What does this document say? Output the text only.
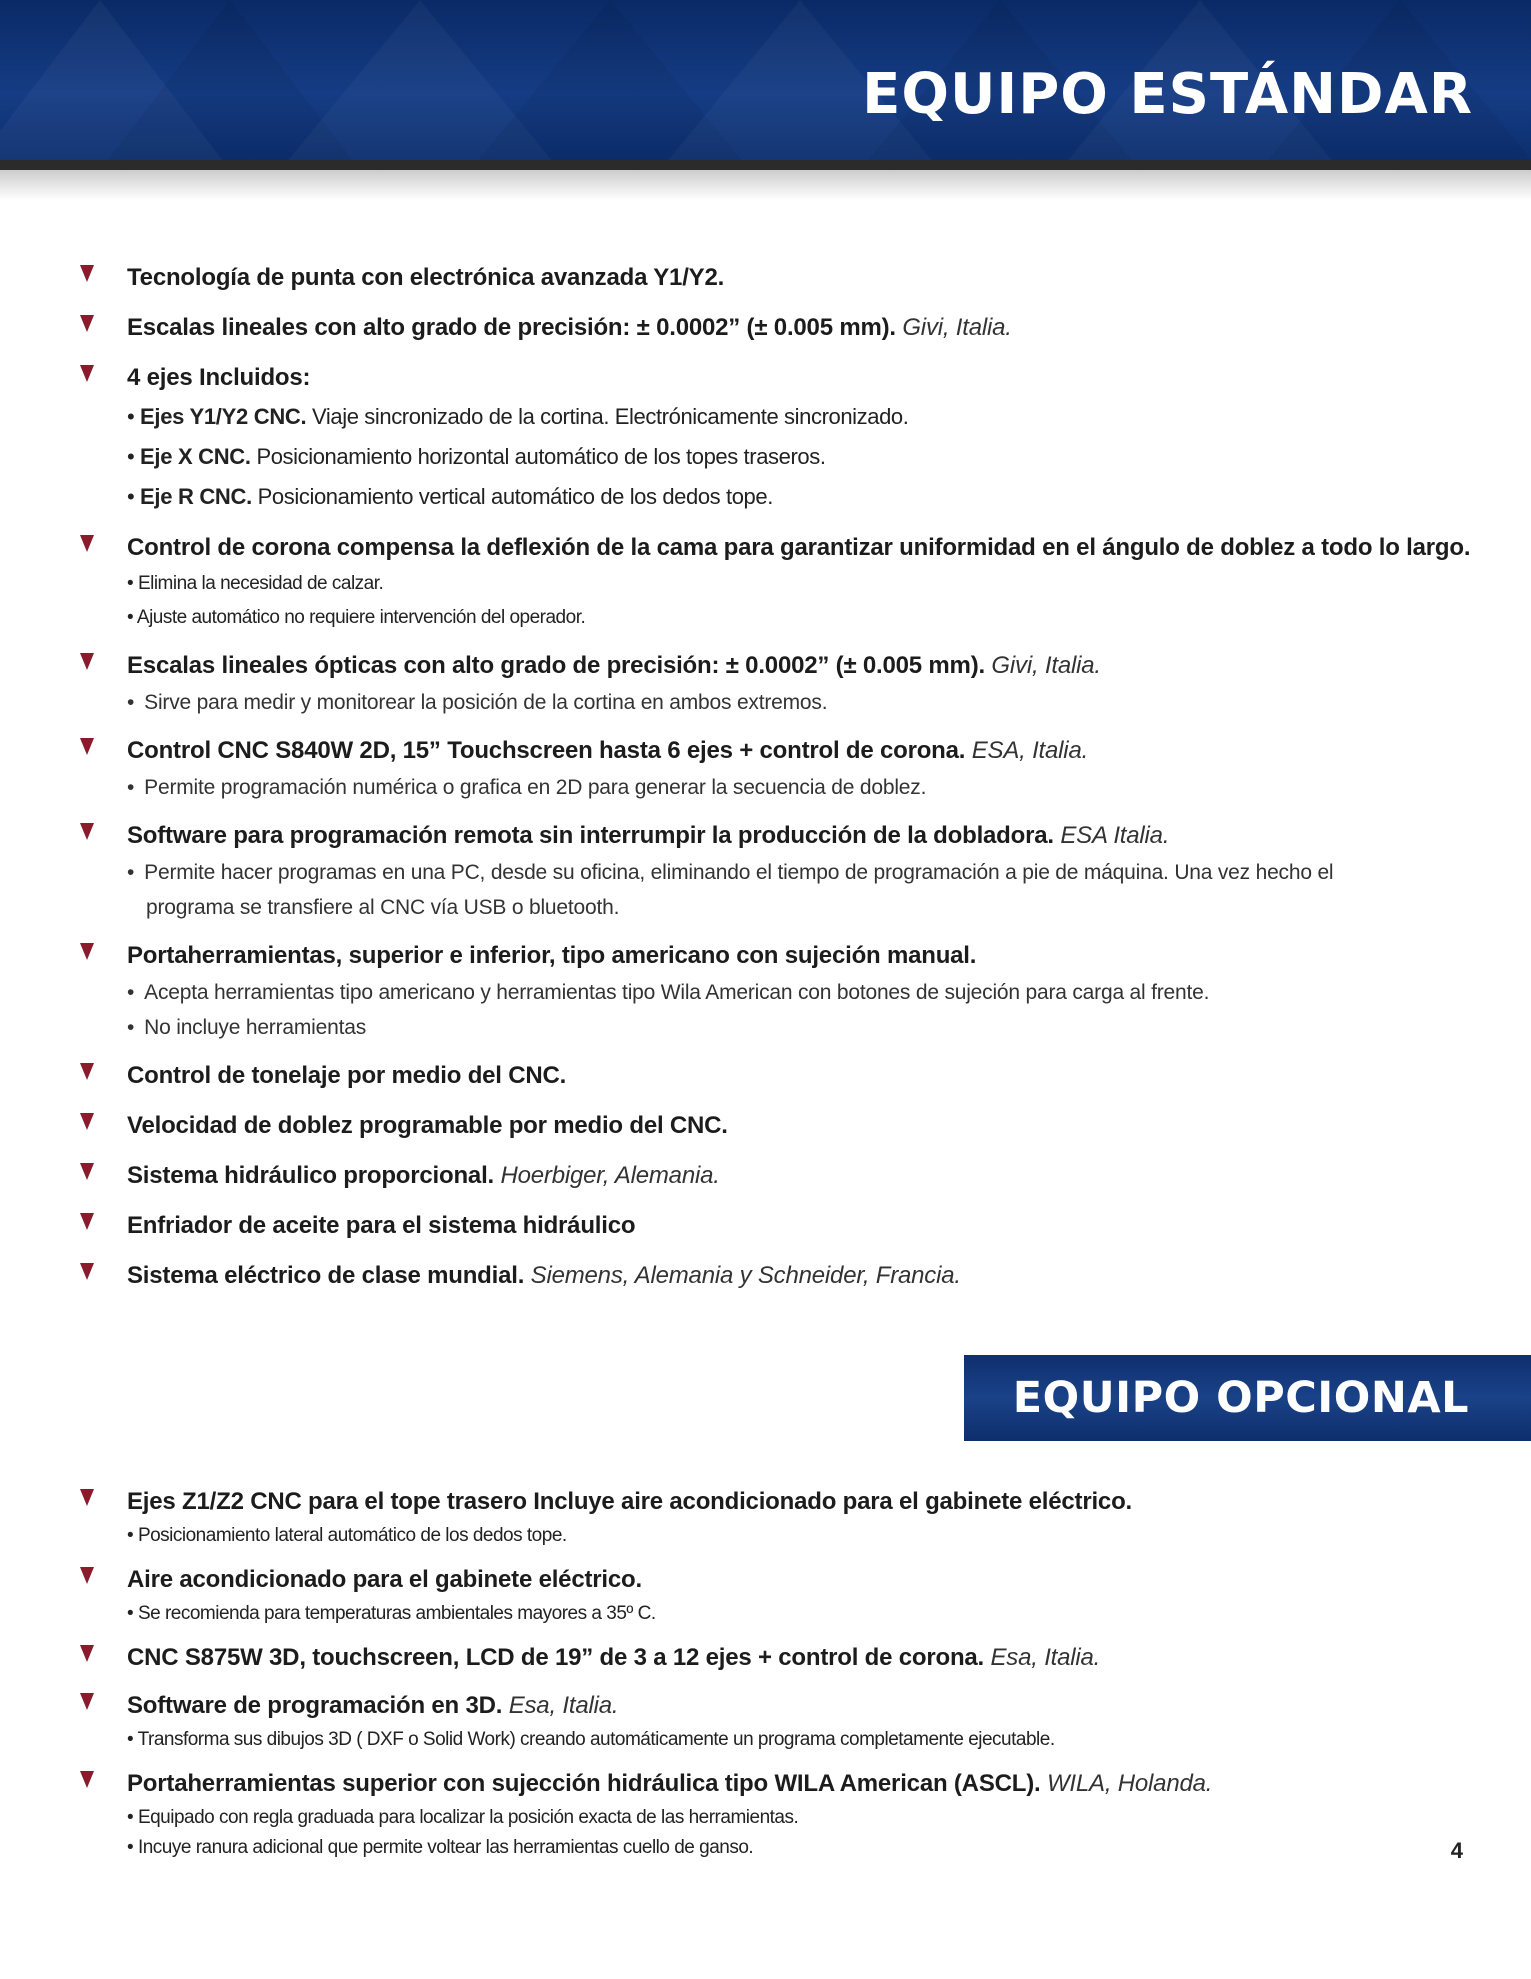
EQUIPO ESTÁNDAR
Tecnología de punta con electrónica avanzada Y1/Y2.
Escalas lineales con alto grado de precisión: ± 0.0002” (± 0.005 mm). Givi, Italia.
4 ejes Incluidos:
• Ejes Y1/Y2 CNC. Viaje sincronizado de la cortina. Electrónicamente sincronizado.
• Eje X CNC. Posicionamiento horizontal automático de los topes traseros.
• Eje R CNC. Posicionamiento vertical automático de los dedos tope.
Control de corona compensa la deflexión de la cama para garantizar uniformidad en el ángulo de doblez a todo lo largo.
• Elimina la necesidad de calzar.
• Ajuste automático no requiere intervención del operador.
Escalas lineales ópticas con alto grado de precisión: ± 0.0002” (± 0.005 mm). Givi, Italia.
• Sirve para medir y monitorear la posición de la cortina en ambos extremos.
Control CNC S840W 2D, 15” Touchscreen hasta 6 ejes + control de corona. ESA, Italia.
• Permite programación numérica o grafica en 2D para generar la secuencia de doblez.
Software para programación remota sin interrumpir la producción de la dobladora. ESA Italia.
• Permite hacer programas en una PC, desde su oficina, eliminando el tiempo de programación a pie de máquina. Una vez hecho el
programa se transfiere al CNC vía USB o bluetooth.
Portaherramientas, superior e inferior, tipo americano con sujeción manual.
• Acepta herramientas tipo americano y herramientas tipo Wila American con botones de sujeción para carga al frente.
• No incluye herramientas
Control de tonelaje por medio del CNC.
Velocidad de doblez programable por medio del CNC.
Sistema hidráulico proporcional. Hoerbiger, Alemania.
Enfriador de aceite para el sistema hidráulico
Sistema eléctrico de clase mundial. Siemens, Alemania y Schneider, Francia.
EQUIPO OPCIONAL
Ejes Z1/Z2 CNC para el tope trasero Incluye aire acondicionado para el gabinete eléctrico.
• Posicionamiento lateral automático de los dedos tope.
Aire acondicionado para el gabinete eléctrico.
• Se recomienda para temperaturas ambientales mayores a 35º C.
CNC S875W 3D, touchscreen, LCD de 19” de 3 a 12 ejes + control de corona. Esa, Italia.
Software de programación en 3D. Esa, Italia.
• Transforma sus dibujos 3D ( DXF o Solid Work) creando automáticamente un programa completamente ejecutable.
Portaherramientas superior con sujección hidráulica tipo WILA American (ASCL). WILA, Holanda.
• Equipado con regla graduada para localizar la posición exacta de las herramientas.
• Incuye ranura adicional que permite voltear las herramientas cuello de ganso.	4
